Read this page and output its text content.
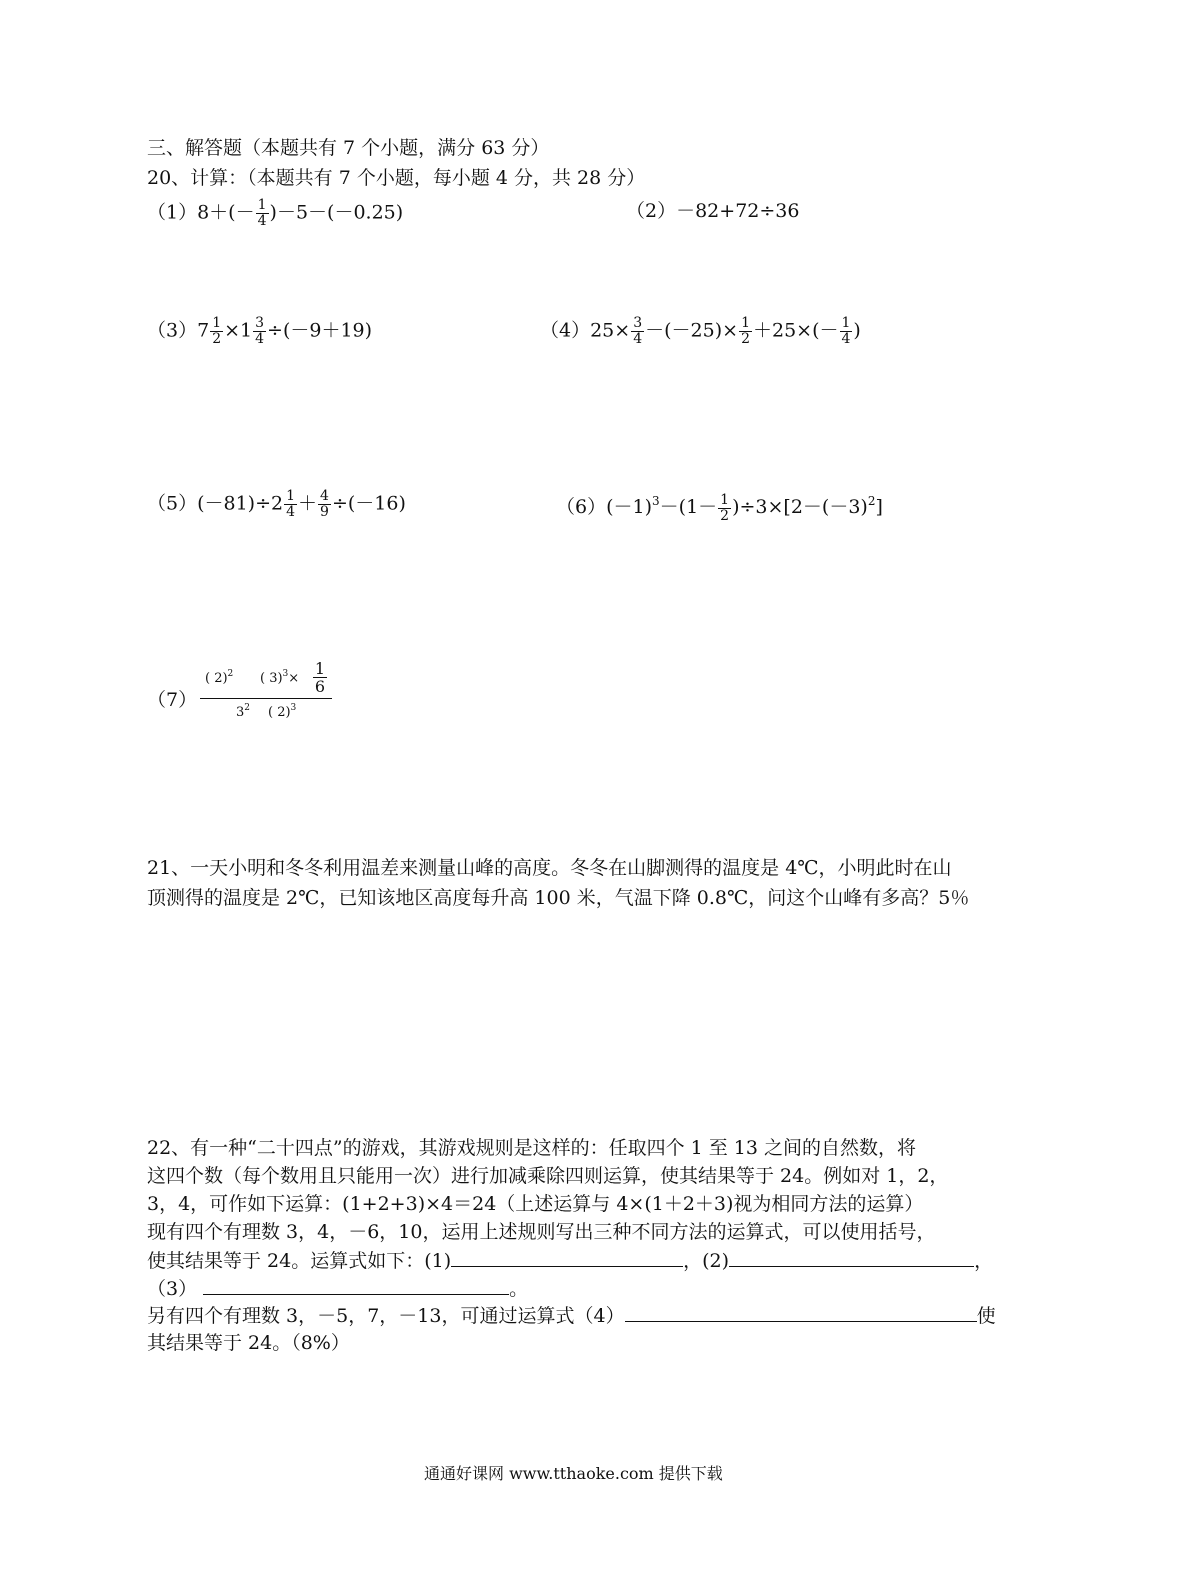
三、解答题（本题共有 7 个小题，满分 63 分）
20、计算：（本题共有 7 个小题，每小题 4 分，共 28 分）
$(1)8+(- \frac{1}{4} )-5-(-0.25)$	（2）－82+72÷36
$(3)7 \frac{1}{2} \times 1 \frac{3}{4} \div(-9+19)$	$(4)25\times \frac{3}{4} -(-25)\times \frac{1}{2} +25\times(- \frac{1}{4}$ )
$(5)(-81)\div 2 \frac{1}{4} + \frac{4}{9} \div(-16)$	$(6)(-1)^3-(1- \frac{1}{2} )\div 3\times[2-(-3)^2]$
（7）
( 2)$^2$ ( $3)^3\times \frac{1}{6}$
$3^2$ ( 2)$^3$
21、一天小明和冬冬利用温差来测量山峰的高度。冬冬在山脚测得的温度是 4℃，小明此时在山
顶测得的温度是 2℃，已知该地区高度每升高 100 米，气温下降 0.8℃，问这个山峰有多高？5％
22、有一种“二十四点”的游戏，其游戏规则是这样的：任取四个 1 至 13 之间的自然数，将
这四个数（每个数用且只能用一次）进行加减乘除四则运算，使其结果等于 24。例如对 1，2，
3，4，可作如下运算：(1+2+3)×4＝24（上述运算与 4×(1＋2＋3)视为相同方法的运算）
现有四个有理数 3，4，－6，10，运用上述规则写出三种不同方法的运算式，可以使用括号，
使其结果等于 24。运算式如下：(1)	，(2)	，
（3）	。
另有四个有理数 3，－5，7，－13，可通过运算式（4）	使
其结果等于 24。（8%）
通通好课网 www.tthaoke.com 提供下载
